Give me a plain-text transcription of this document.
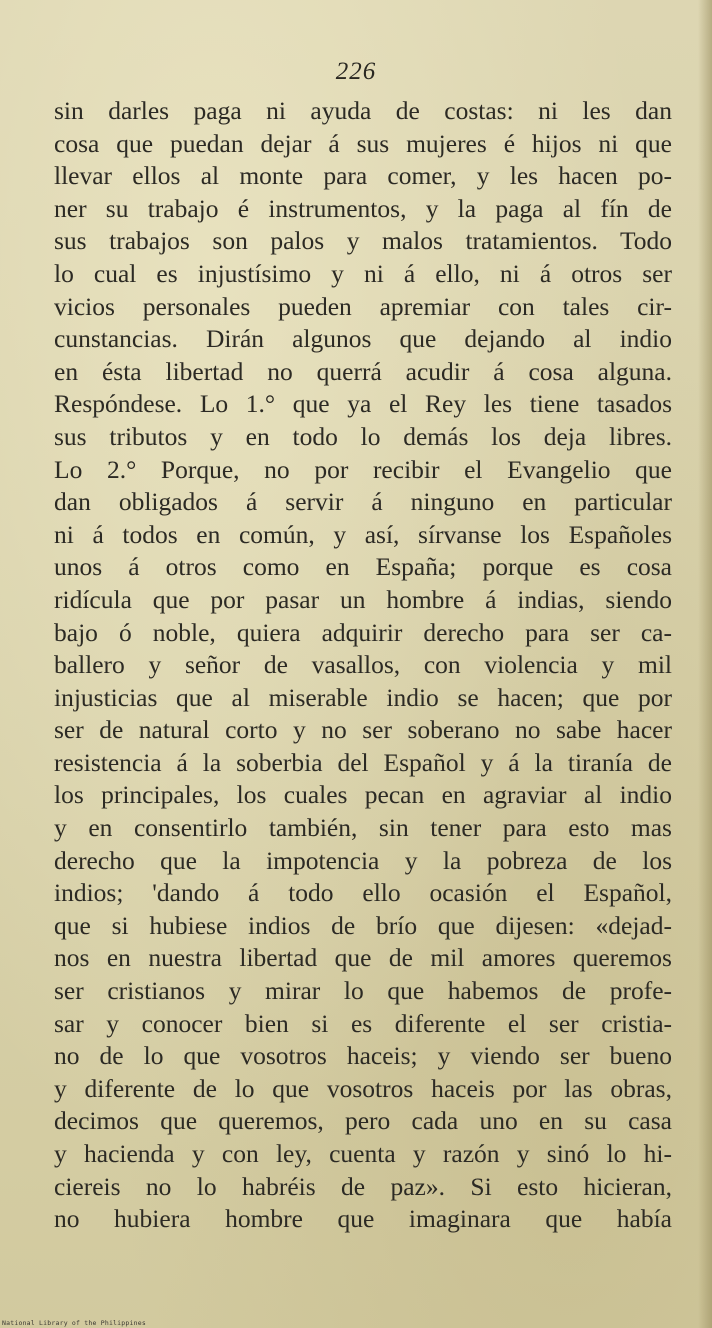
226
sin darles paga ni ayuda de costas: ni les dan
cosa que puedan dejar á sus mujeres é hijos ni que
llevar ellos al monte para comer, y les hacen po-
ner su trabajo é instrumentos, y la paga al fín de
sus trabajos son palos y malos tratamientos. Todo
lo cual es injustísimo y ni á ello, ni á otros ser
vicios personales pueden apremiar con tales cir-
cunstancias. Dirán algunos que dejando al indio
en ésta libertad no querrá acudir á cosa alguna.
Respóndese. Lo 1.° que ya el Rey les tiene tasados
sus tributos y en todo lo demás los deja libres.
Lo 2.° Porque, no por recibir el Evangelio que
dan obligados á servir á ninguno en particular
ni á todos en común, y así, sírvanse los Españoles
unos á otros como en España; porque es cosa
ridícula que por pasar un hombre á indias, siendo
bajo ó noble, quiera adquirir derecho para ser ca-
ballero y señor de vasallos, con violencia y mil
injusticias que al miserable indio se hacen; que por
ser de natural corto y no ser soberano no sabe hacer
resistencia á la soberbia del Español y á la tiranía de
los principales, los cuales pecan en agraviar al indio
y en consentirlo también, sin tener para esto mas
derecho que la impotencia y la pobreza de los
indios; 'dando á todo ello ocasión el Español,
que si hubiese indios de brío que dijesen: «dejad-
nos en nuestra libertad que de mil amores queremos
ser cristianos y mirar lo que habemos de profe-
sar y conocer bien si es diferente el ser cristia-
no de lo que vosotros haceis; y viendo ser bueno
y diferente de lo que vosotros haceis por las obras,
decimos que queremos, pero cada uno en su casa
y hacienda y con ley, cuenta y razón y sinó lo hi-
ciereis no lo habréis de paz». Si esto hicieran,
no hubiera hombre que imaginara que había
National Library of the Philippines
